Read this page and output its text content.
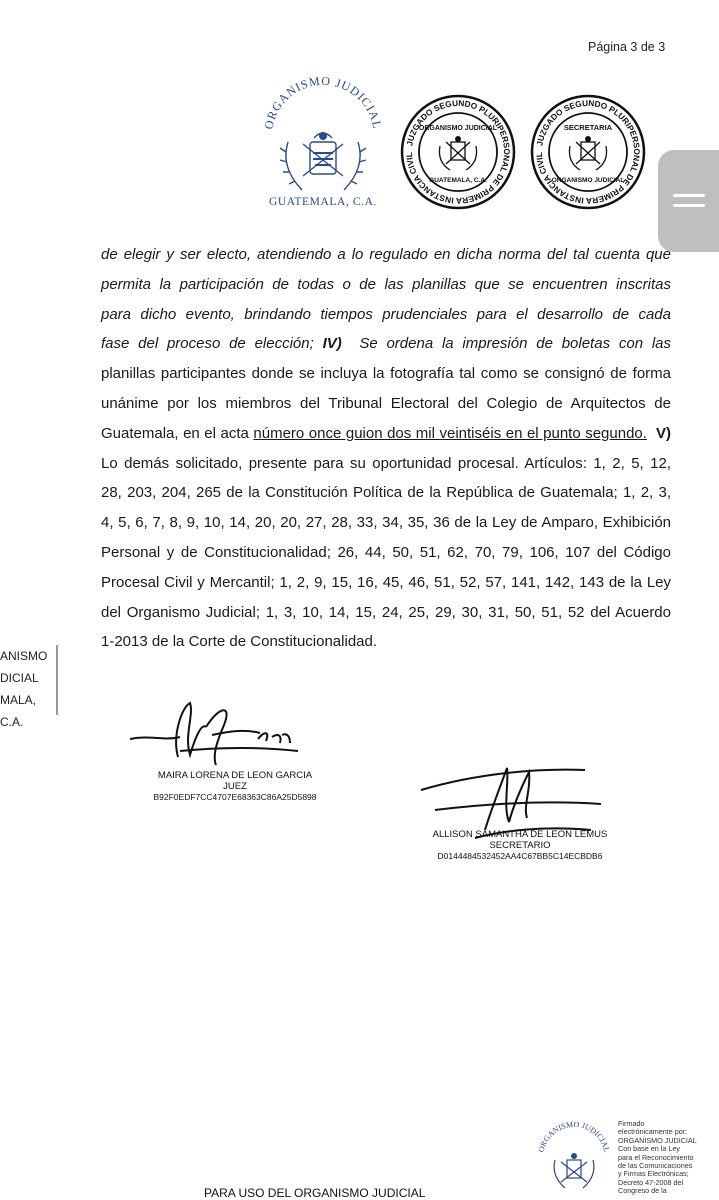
Página 3 de 3
ORGANISMO JUDICIAL
GUATEMALA, C.A.
JUZGADO SEGUNDO PLURIPERSONAL DE PRIMERA INSTANCIA CIVIL
ORGANISMO JUDICIAL
GUATEMALA, C.A.
JUZGADO SEGUNDO PLURIPERSONAL DE PRIMERA INSTANCIA CIVIL
SECRETARIA
ORGANISMO JUDICIAL
de elegir y ser electo, atendiendo a lo regulado en dicha norma del tal cuenta que
permita la participación de todas o de las planillas que se encuentren inscritas
para dicho evento, brindando tiempos prudenciales para el desarrollo de cada
fase del proceso de elección; IV) Se ordena la impresión de boletas con las
planillas participantes donde se incluya la fotografía tal como se consignó de forma
unánime por los miembros del Tribunal Electoral del Colegio de Arquitectos de
Guatemala, en el acta número once guion dos mil veintiséis en el punto segundo. V)
Lo demás solicitado, presente para su oportunidad procesal. Artículos: 1, 2, 5, 12,
28, 203, 204, 265 de la Constitución Política de la República de Guatemala; 1, 2, 3,
4, 5, 6, 7, 8, 9, 10, 14, 20, 20, 27, 28, 33, 34, 35, 36 de la Ley de Amparo, Exhibición
Personal y de Constitucionalidad; 26, 44, 50, 51, 62, 70, 79, 106, 107 del Código
Procesal Civil y Mercantil; 1, 2, 9, 15, 16, 45, 46, 51, 52, 57, 141, 142, 143 de la Ley
del Organismo Judicial; 1, 3, 10, 14, 15, 24, 25, 29, 30, 31, 50, 51, 52 del Acuerdo
1-2013 de la Corte de Constitucionalidad.
ANISMO
DICIAL
MALA, C.A.
MAIRA LORENA DE LEON GARCIA
JUEZ
B92F0EDF7CC4707E68363C86A25D5898
ALLISON SAMANTHA DE LEON LEMUS
SECRETARIO
D0144484532452AA4C67BB5C14ECBDB6
PARA USO DEL ORGANISMO JUDICIAL
ORGANISMO JUDICIAL
Firmado
electrónicamente por:
ORGANISMO JUDICIAL
Con base en la Ley
para el Reconocimiento
de las Comunicaciones
y Firmas Electrónicas;
Decreto 47-2008 del
Congreso de la
